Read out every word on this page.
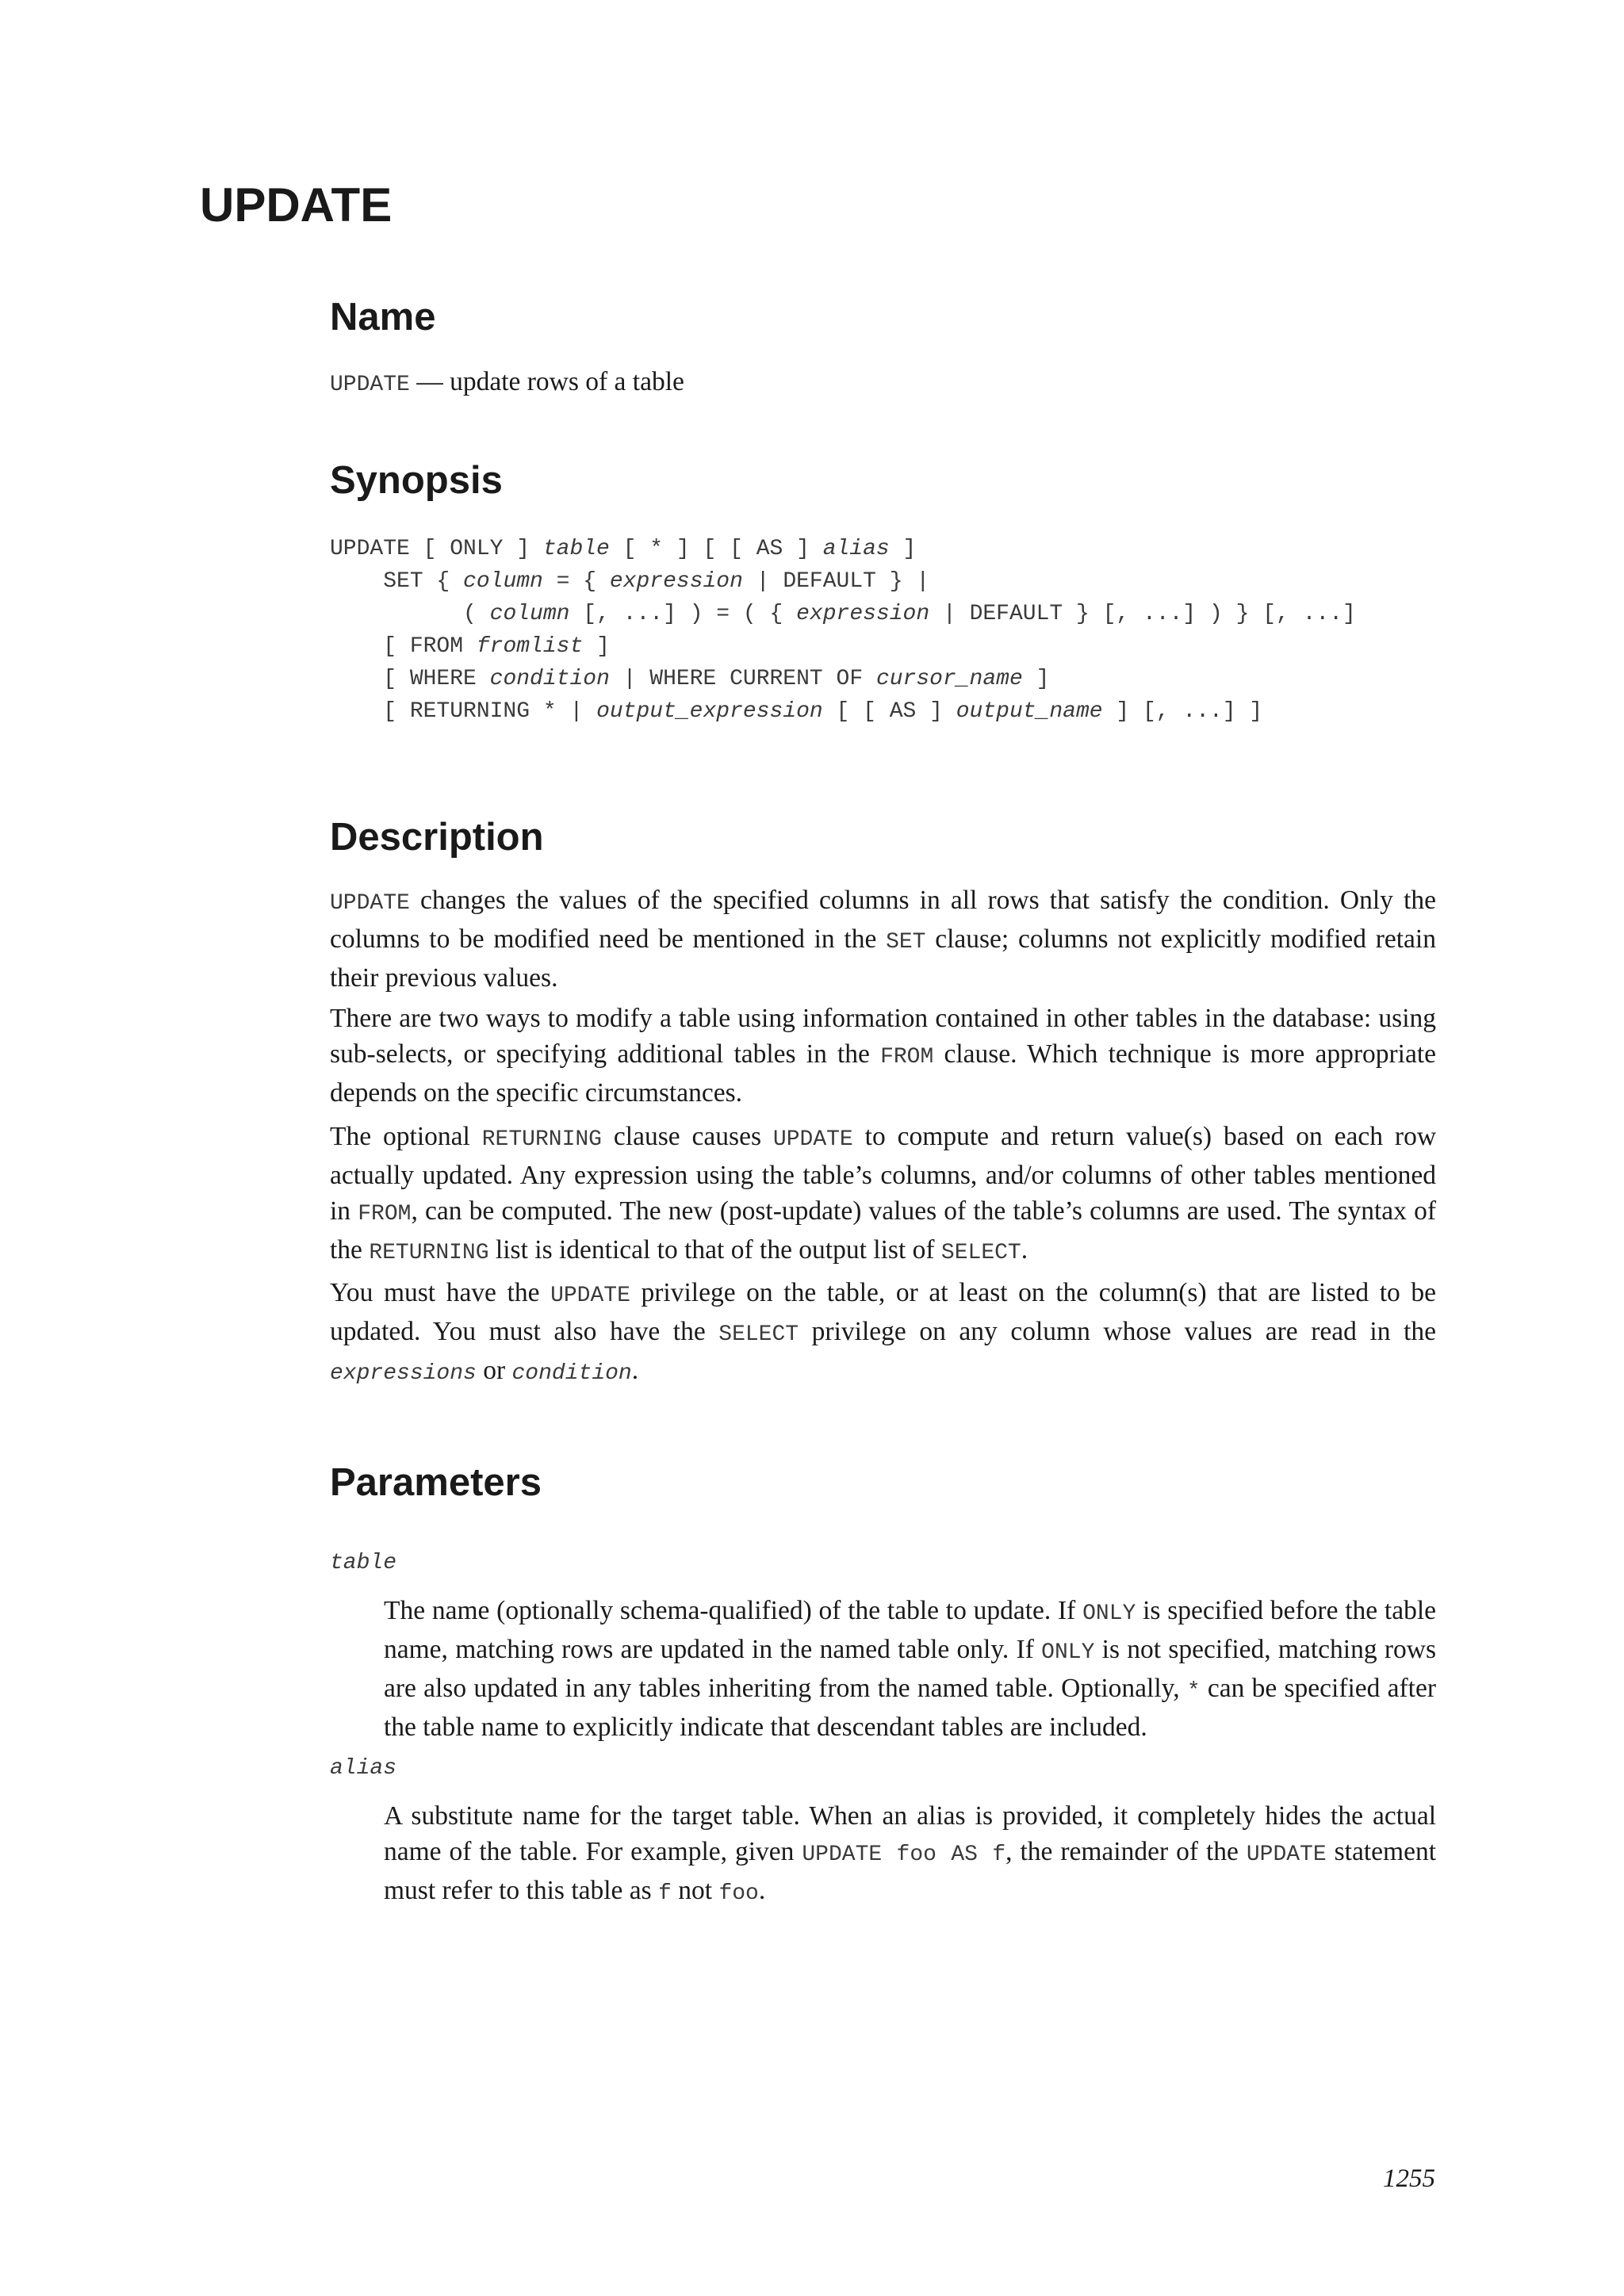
UPDATE
Name

UPDATE — update rows of a table

Synopsis
UPDATE [ ONLY ] table [ * ] [ [ AS ] alias ]
SET { column = { expression | DEFAULT } |
( column [, ...] ) = ( { expression | DEFAULT } [, ...] ) } [, ...]
[ FROM fromlist ]
[ WHERE condition | WHERE CURRENT OF cursor_name ]
[ RETURNING * | output_expression [ [ AS ] output_name ] [, ...] ]
Description

UPDATE changes the values of the specified columns in all rows that satisfy the condition. Only the columns to be modified need be mentioned in the SET clause; columns not explicitly modified retain their previous values.

There are two ways to modify a table using information contained in other tables in the database: using sub-selects, or specifying additional tables in the FROM clause. Which technique is more appropriate depends on the specific circumstances.

The optional RETURNING clause causes UPDATE to compute and return value(s) based on each row actually updated. Any expression using the table’s columns, and/or columns of other tables mentioned in FROM, can be computed. The new (post-update) values of the table’s columns are used. The syntax of the RETURNING list is identical to that of the output list of SELECT.

You must have the UPDATE privilege on the table, or at least on the column(s) that are listed to be updated. You must also have the SELECT privilege on any column whose values are read in the expressions or condition.

Parameters

table

The name (optionally schema-qualified) of the table to update. If ONLY is specified before the table name, matching rows are updated in the named table only. If ONLY is not specified, matching rows are also updated in any tables inheriting from the named table. Optionally, * can be specified after the table name to explicitly indicate that descendant tables are included.

alias

A substitute name for the target table. When an alias is provided, it completely hides the actual name of the table. For example, given UPDATE foo AS f, the remainder of the UPDATE statement must refer to this table as f not foo.

1255
